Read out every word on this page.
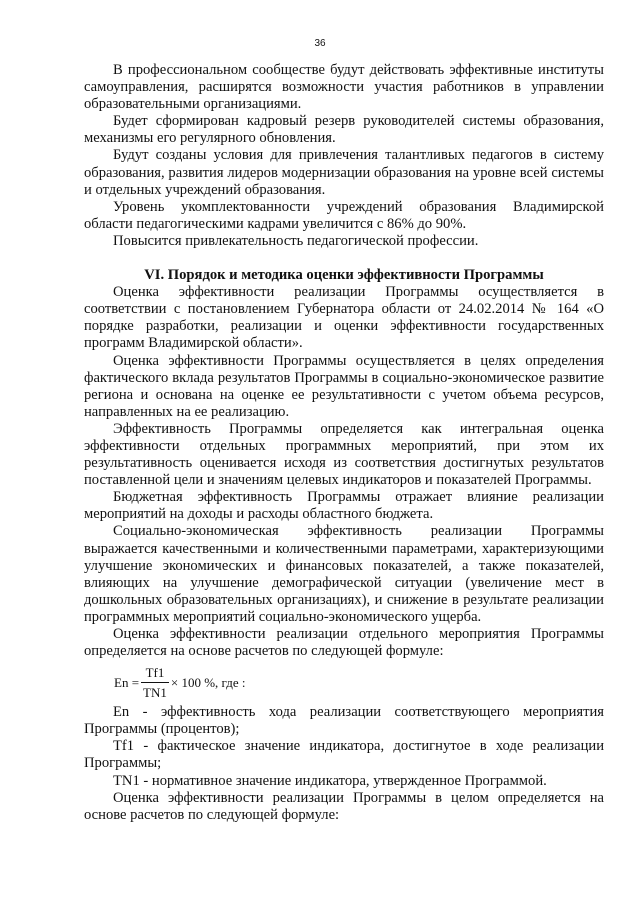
36

В профессиональном сообществе будут действовать эффективные институты самоуправления, расширятся возможности участия работников в управлении образовательными организациями.

Будет сформирован кадровый резерв руководителей системы образования, механизмы его регулярного обновления.

Будут созданы условия для привлечения талантливых педагогов в систему образования, развития лидеров модернизации образования на уровне всей системы и отдельных учреждений образования.

Уровень укомплектованности учреждений образования Владимирской области педагогическими кадрами увеличится с 86% до 90%.

Повысится привлекательность педагогической профессии.

VI. Порядок и методика оценки эффективности Программы

Оценка эффективности реализации Программы осуществляется в соответствии с постановлением Губернатора области от 24.02.2014 № 164 «О порядке разработки, реализации и оценки эффективности государственных программ Владимирской области».

Оценка эффективности Программы осуществляется в целях определения фактического вклада результатов Программы в социально-экономическое развитие региона и основана на оценке ее результативности с учетом объема ресурсов, направленных на ее реализацию.

Эффективность Программы определяется как интегральная оценка эффективности отдельных программных мероприятий, при этом их результативность оценивается исходя из соответствия достигнутых результатов поставленной цели и значениям целевых индикаторов и показателей Программы.

Бюджетная эффективность Программы отражает влияние реализации мероприятий на доходы и расходы областного бюджета.

Социально-экономическая эффективность реализации Программы выражается качественными и количественными параметрами, характеризующими улучшение экономических и финансовых показателей, а также показателей, влияющих на улучшение демографической ситуации (увеличение мест в дошкольных образовательных организациях), и снижение в результате реализации программных мероприятий социально-экономического ущерба.

Оценка эффективности реализации отдельного мероприятия Программы определяется на основе расчетов по следующей формуле:

$En = \frac{Tf1}{TN1} \times 100$ %, где :

En - эффективность хода реализации соответствующего мероприятия Программы (процентов);

Tf1 - фактическое значение индикатора, достигнутое в ходе реализации Программы;

TN1 - нормативное значение индикатора, утвержденное Программой.

Оценка эффективности реализации Программы в целом определяется на основе расчетов по следующей формуле:
